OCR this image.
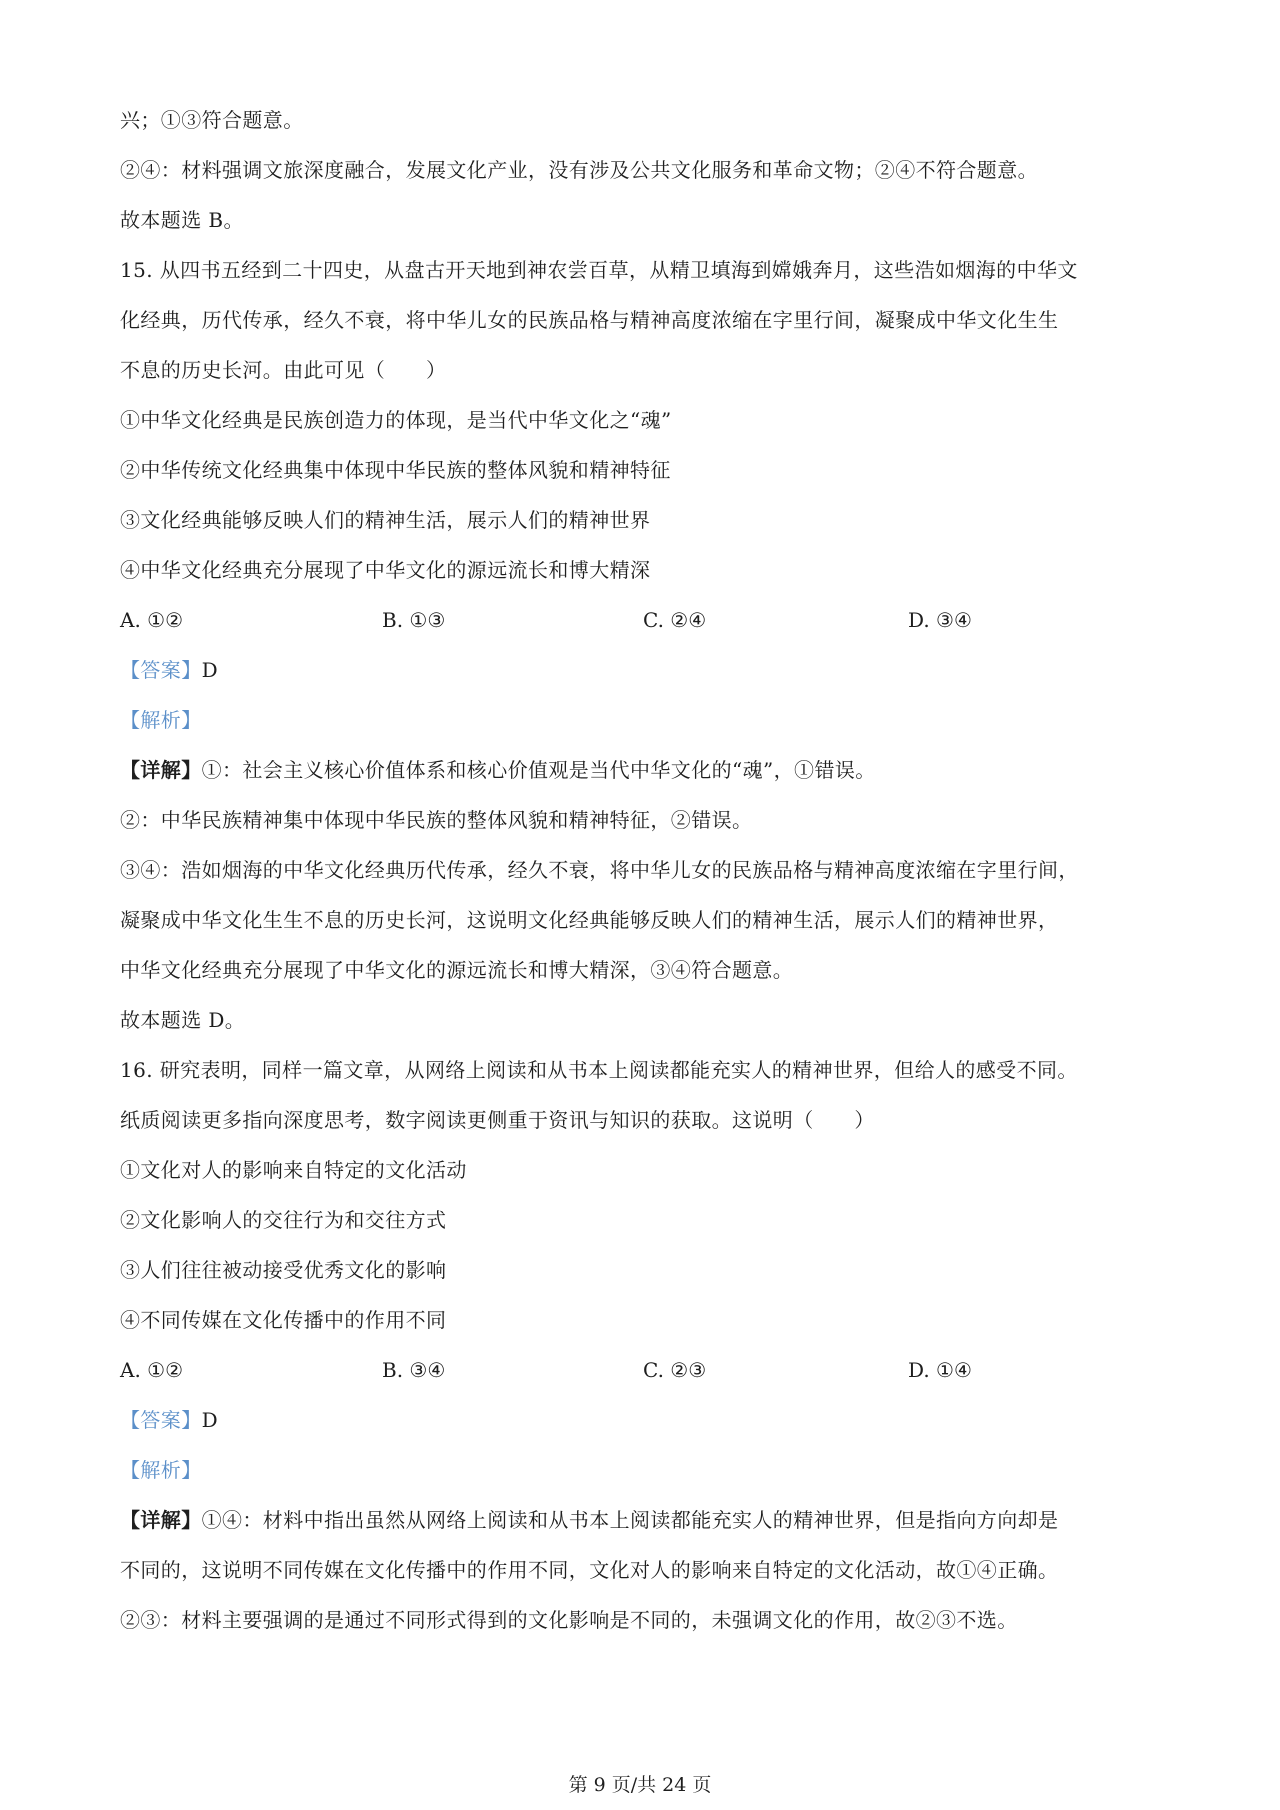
兴；①③符合题意。
②④：材料强调文旅深度融合，发展文化产业，没有涉及公共文化服务和革命文物；②④不符合题意。
故本题选 B。
15. 从四书五经到二十四史，从盘古开天地到神农尝百草，从精卫填海到嫦娥奔月，这些浩如烟海的中华文
化经典，历代传承，经久不衰，将中华儿女的民族品格与精神高度浓缩在字里行间，凝聚成中华文化生生
不息的历史长河。由此可见（　　）
①中华文化经典是民族创造力的体现，是当代中华文化之“魂”
②中华传统文化经典集中体现中华民族的整体风貌和精神特征
③文化经典能够反映人们的精神生活，展示人们的精神世界
④中华文化经典充分展现了中华文化的源远流长和博大精深
A. ①②	B. ①③	C. ②④	D. ③④
【答案】D
【解析】
【详解】①：社会主义核心价值体系和核心价值观是当代中华文化的“魂”，①错误。
②：中华民族精神集中体现中华民族的整体风貌和精神特征，②错误。
③④：浩如烟海的中华文化经典历代传承，经久不衰，将中华儿女的民族品格与精神高度浓缩在字里行间，
凝聚成中华文化生生不息的历史长河，这说明文化经典能够反映人们的精神生活，展示人们的精神世界，
中华文化经典充分展现了中华文化的源远流长和博大精深，③④符合题意。
故本题选 D。
16. 研究表明，同样一篇文章，从网络上阅读和从书本上阅读都能充实人的精神世界，但给人的感受不同。
纸质阅读更多指向深度思考，数字阅读更侧重于资讯与知识的获取。这说明（　　）
①文化对人的影响来自特定的文化活动
②文化影响人的交往行为和交往方式
③人们往往被动接受优秀文化的影响
④不同传媒在文化传播中的作用不同
A. ①②	B. ③④	C. ②③	D. ①④
【答案】D
【解析】
【详解】①④：材料中指出虽然从网络上阅读和从书本上阅读都能充实人的精神世界，但是指向方向却是
不同的，这说明不同传媒在文化传播中的作用不同，文化对人的影响来自特定的文化活动，故①④正确。
②③：材料主要强调的是通过不同形式得到的文化影响是不同的，未强调文化的作用，故②③不选。
第 9 页/共 24 页
